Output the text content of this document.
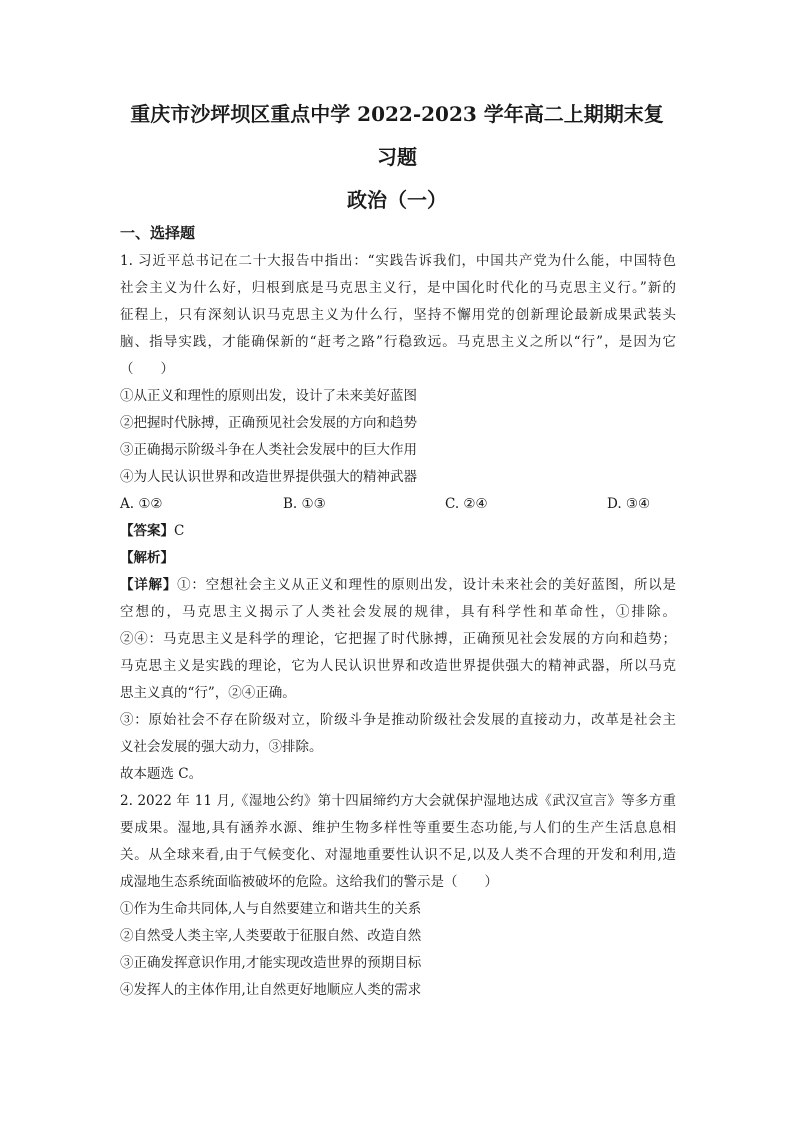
重庆市沙坪坝区重点中学 2022-2023 学年高二上期期末复
习题
政治（一）
一、选择题
1. 习近平总书记在二十大报告中指出：“实践告诉我们，中国共产党为什么能，中国特色
社会主义为什么好，归根到底是马克思主义行，是中国化时代化的马克思主义行。”新的
征程上，只有深刻认识马克思主义为什么行，坚持不懈用党的创新理论最新成果武装头
脑、指导实践，才能确保新的“赶考之路”行稳致远。马克思主义之所以“行”，是因为它
（　　）
①从正义和理性的原则出发，设计了未来美好蓝图
②把握时代脉搏，正确预见社会发展的方向和趋势
③正确揭示阶级斗争在人类社会发展中的巨大作用
④为人民认识世界和改造世界提供强大的精神武器
A. ①②	B. ①③	C. ②④	D. ③④
【答案】C
【解析】
【详解】①：空想社会主义从正义和理性的原则出发，设计未来社会的美好蓝图，所以是
空想的，马克思主义揭示了人类社会发展的规律，具有科学性和革命性，①排除。
②④：马克思主义是科学的理论，它把握了时代脉搏，正确预见社会发展的方向和趋势；
马克思主义是实践的理论，它为人民认识世界和改造世界提供强大的精神武器，所以马克
思主义真的“行”，②④正确。
③：原始社会不存在阶级对立，阶级斗争是推动阶级社会发展的直接动力，改革是社会主
义社会发展的强大动力，③排除。
故本题选 C。
2. 2022 年 11 月,《湿地公约》第十四届缔约方大会就保护湿地达成《武汉宣言》等多方重
要成果。湿地,具有涵养水源、维护生物多样性等重要生态功能,与人们的生产生活息息相
关。从全球来看,由于气候变化、对湿地重要性认识不足,以及人类不合理的开发和利用,造
成湿地生态系统面临被破坏的危险。这给我们的警示是（　　）
①作为生命共同体,人与自然要建立和谐共生的关系
②自然受人类主宰,人类要敢于征服自然、改造自然
③正确发挥意识作用,才能实现改造世界的预期目标
④发挥人的主体作用,让自然更好地顺应人类的需求
